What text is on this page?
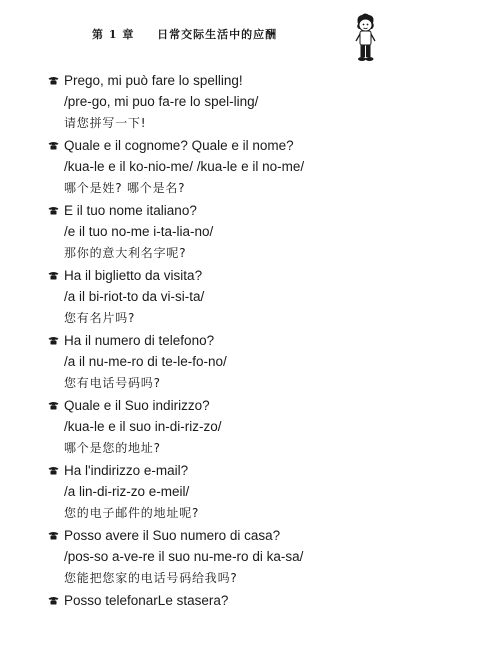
第 1 章 日常交际生活中的应酬
Prego, mi può fare lo spelling!
/pre-go, mi puo fa-re lo spel-ling/
请您拼写一下!
Quale e il cognome? Quale e il nome?
/kua-le e il ko-nio-me/ /kua-le e il no-me/
哪个是姓? 哪个是名?
E il tuo nome italiano?
/e il tuo no-me i-ta-lia-no/
那你的意大利名字呢?
Ha il biglietto da visita?
/a il bi-riot-to da vi-si-ta/
您有名片吗?
Ha il numero di telefono?
/a il nu-me-ro di te-le-fo-no/
您有电话号码吗?
Quale e il Suo indirizzo?
/kua-le e il suo in-di-riz-zo/
哪个是您的地址?
Ha l'indirizzo e-mail?
/a lin-di-riz-zo e-meil/
您的电子邮件的地址呢?
Posso avere il Suo numero di casa?
/pos-so a-ve-re il suo nu-me-ro di ka-sa/
您能把您家的电话号码给我吗?
Posso telefonarLe stasera?
